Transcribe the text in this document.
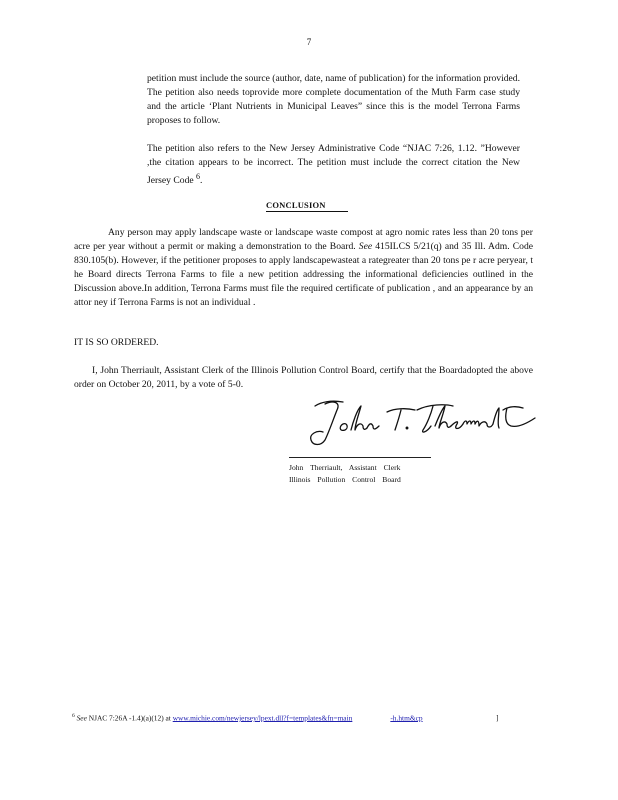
7

petition must include the source (author, date, name of publication) for the information provided. The petition also needs toprovide more complete documentation of the Muth Farm case study and the article ‘Plant Nutrients in Municipal Leaves” since this is the model Terrona Farms proposes to follow.

The petition also refers to the New Jersey Administrative Code “NJAC 7:26, 1.12. ”However ,the citation appears to be incorrect. The petition must include the correct citation the New Jersey Code $^6$.

CONCLUSION

Any person may apply landscape waste or landscape waste compost at agro nomic rates less than 20 tons per acre per year without a permit or making a demonstration to the Board. See 415ILCS 5/21(q) and 35 Ill. Adm. Code 830.105(b). However, if the petitioner proposes to apply landscapewasteat a rategreater than 20 tons pe r acre peryear, t he Board directs Terrona Farms to file a new petition addressing the informational deficiencies outlined in the Discussion above.In addition, Terrona Farms must file the required certificate of publication , and an appearance by an attor ney if Terrona Farms is not an individual .

IT IS SO ORDERED.

I, John Therriault, Assistant Clerk of the Illinois Pollution Control Board, certify that the Boardadopted the above order on October 20, 2011, by a vote of 5-0.

John Therriault, Assistant Clerk
Illinois Pollution Control Board
$^6$ See NJAC 7:26A -1.4)(a)(12) at www.michie.com/newjersey/lpext.dll?f=templates&fn=main	-h.htm&cp	]
